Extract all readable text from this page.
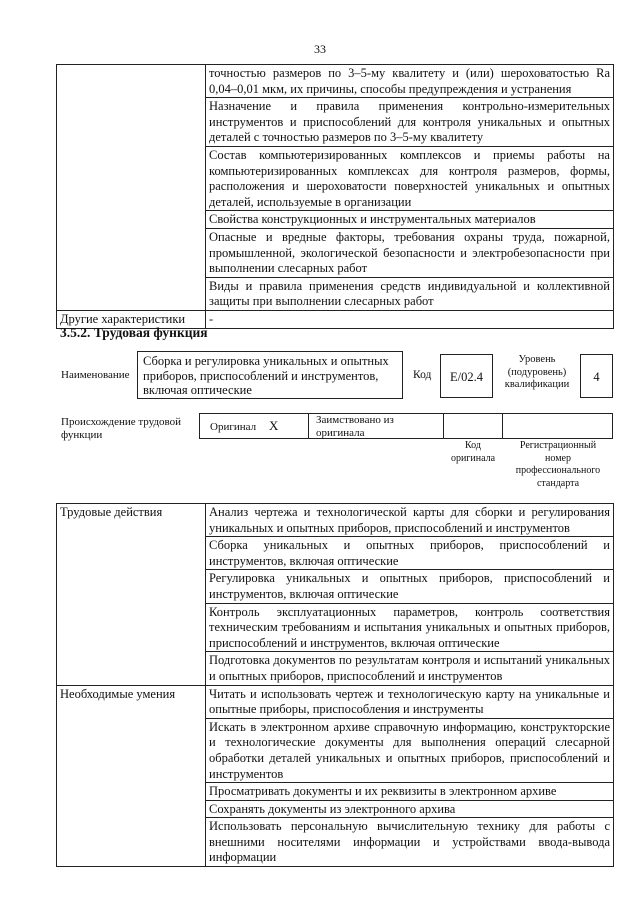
33
	точностью размеров по 3–5-му квалитету и (или) шероховатостью Ra 0,04–0,01 мкм, их причины, способы предупреждения и устранения
	Назначение и правила применения контрольно-измерительных инструментов и приспособлений для контроля уникальных и опытных деталей с точностью размеров по 3–5-му квалитету
	Состав компьютеризированных комплексов и приемы работы на компьютеризированных комплексах для контроля размеров, формы, расположения и шероховатости поверхностей уникальных и опытных деталей, используемые в организации
	Свойства конструкционных и инструментальных материалов
	Опасные и вредные факторы, требования охраны труда, пожарной, промышленной, экологической безопасности и электробезопасности при выполнении слесарных работ
	Виды и правила применения средств индивидуальной и коллективной защиты при выполнении слесарных работ
Другие характеристики	-
3.5.2. Трудовая функция
Наименование
Сборка и регулировка уникальных и опытных приборов, приспособлений и инструментов, включая оптические
Код	E/02.4
Уровень (подуровень) квалификации
4
Происхождение трудовой функции
Оригинал X	Заимствовано из оригинала
Код оригинала
Регистрационный номер профессионального стандарта
Трудовые действия	Анализ чертежа и технологической карты для сборки и регулирования уникальных и опытных приборов, приспособлений и инструментов
	Сборка уникальных и опытных приборов, приспособлений и инструментов, включая оптические
	Регулировка уникальных и опытных приборов, приспособлений и инструментов, включая оптические
	Контроль эксплуатационных параметров, контроль соответствия техническим требованиям и испытания уникальных и опытных приборов, приспособлений и инструментов, включая оптические
	Подготовка документов по результатам контроля и испытаний уникальных и опытных приборов, приспособлений и инструментов
Необходимые умения	Читать и использовать чертеж и технологическую карту на уникальные и опытные приборы, приспособления и инструменты
	Искать в электронном архиве справочную информацию, конструкторские и технологические документы для выполнения операций слесарной обработки деталей уникальных и опытных приборов, приспособлений и инструментов
	Просматривать документы и их реквизиты в электронном архиве
	Сохранять документы из электронного архива
	Использовать персональную вычислительную технику для работы с внешними носителями информации и устройствами ввода-вывода информации
